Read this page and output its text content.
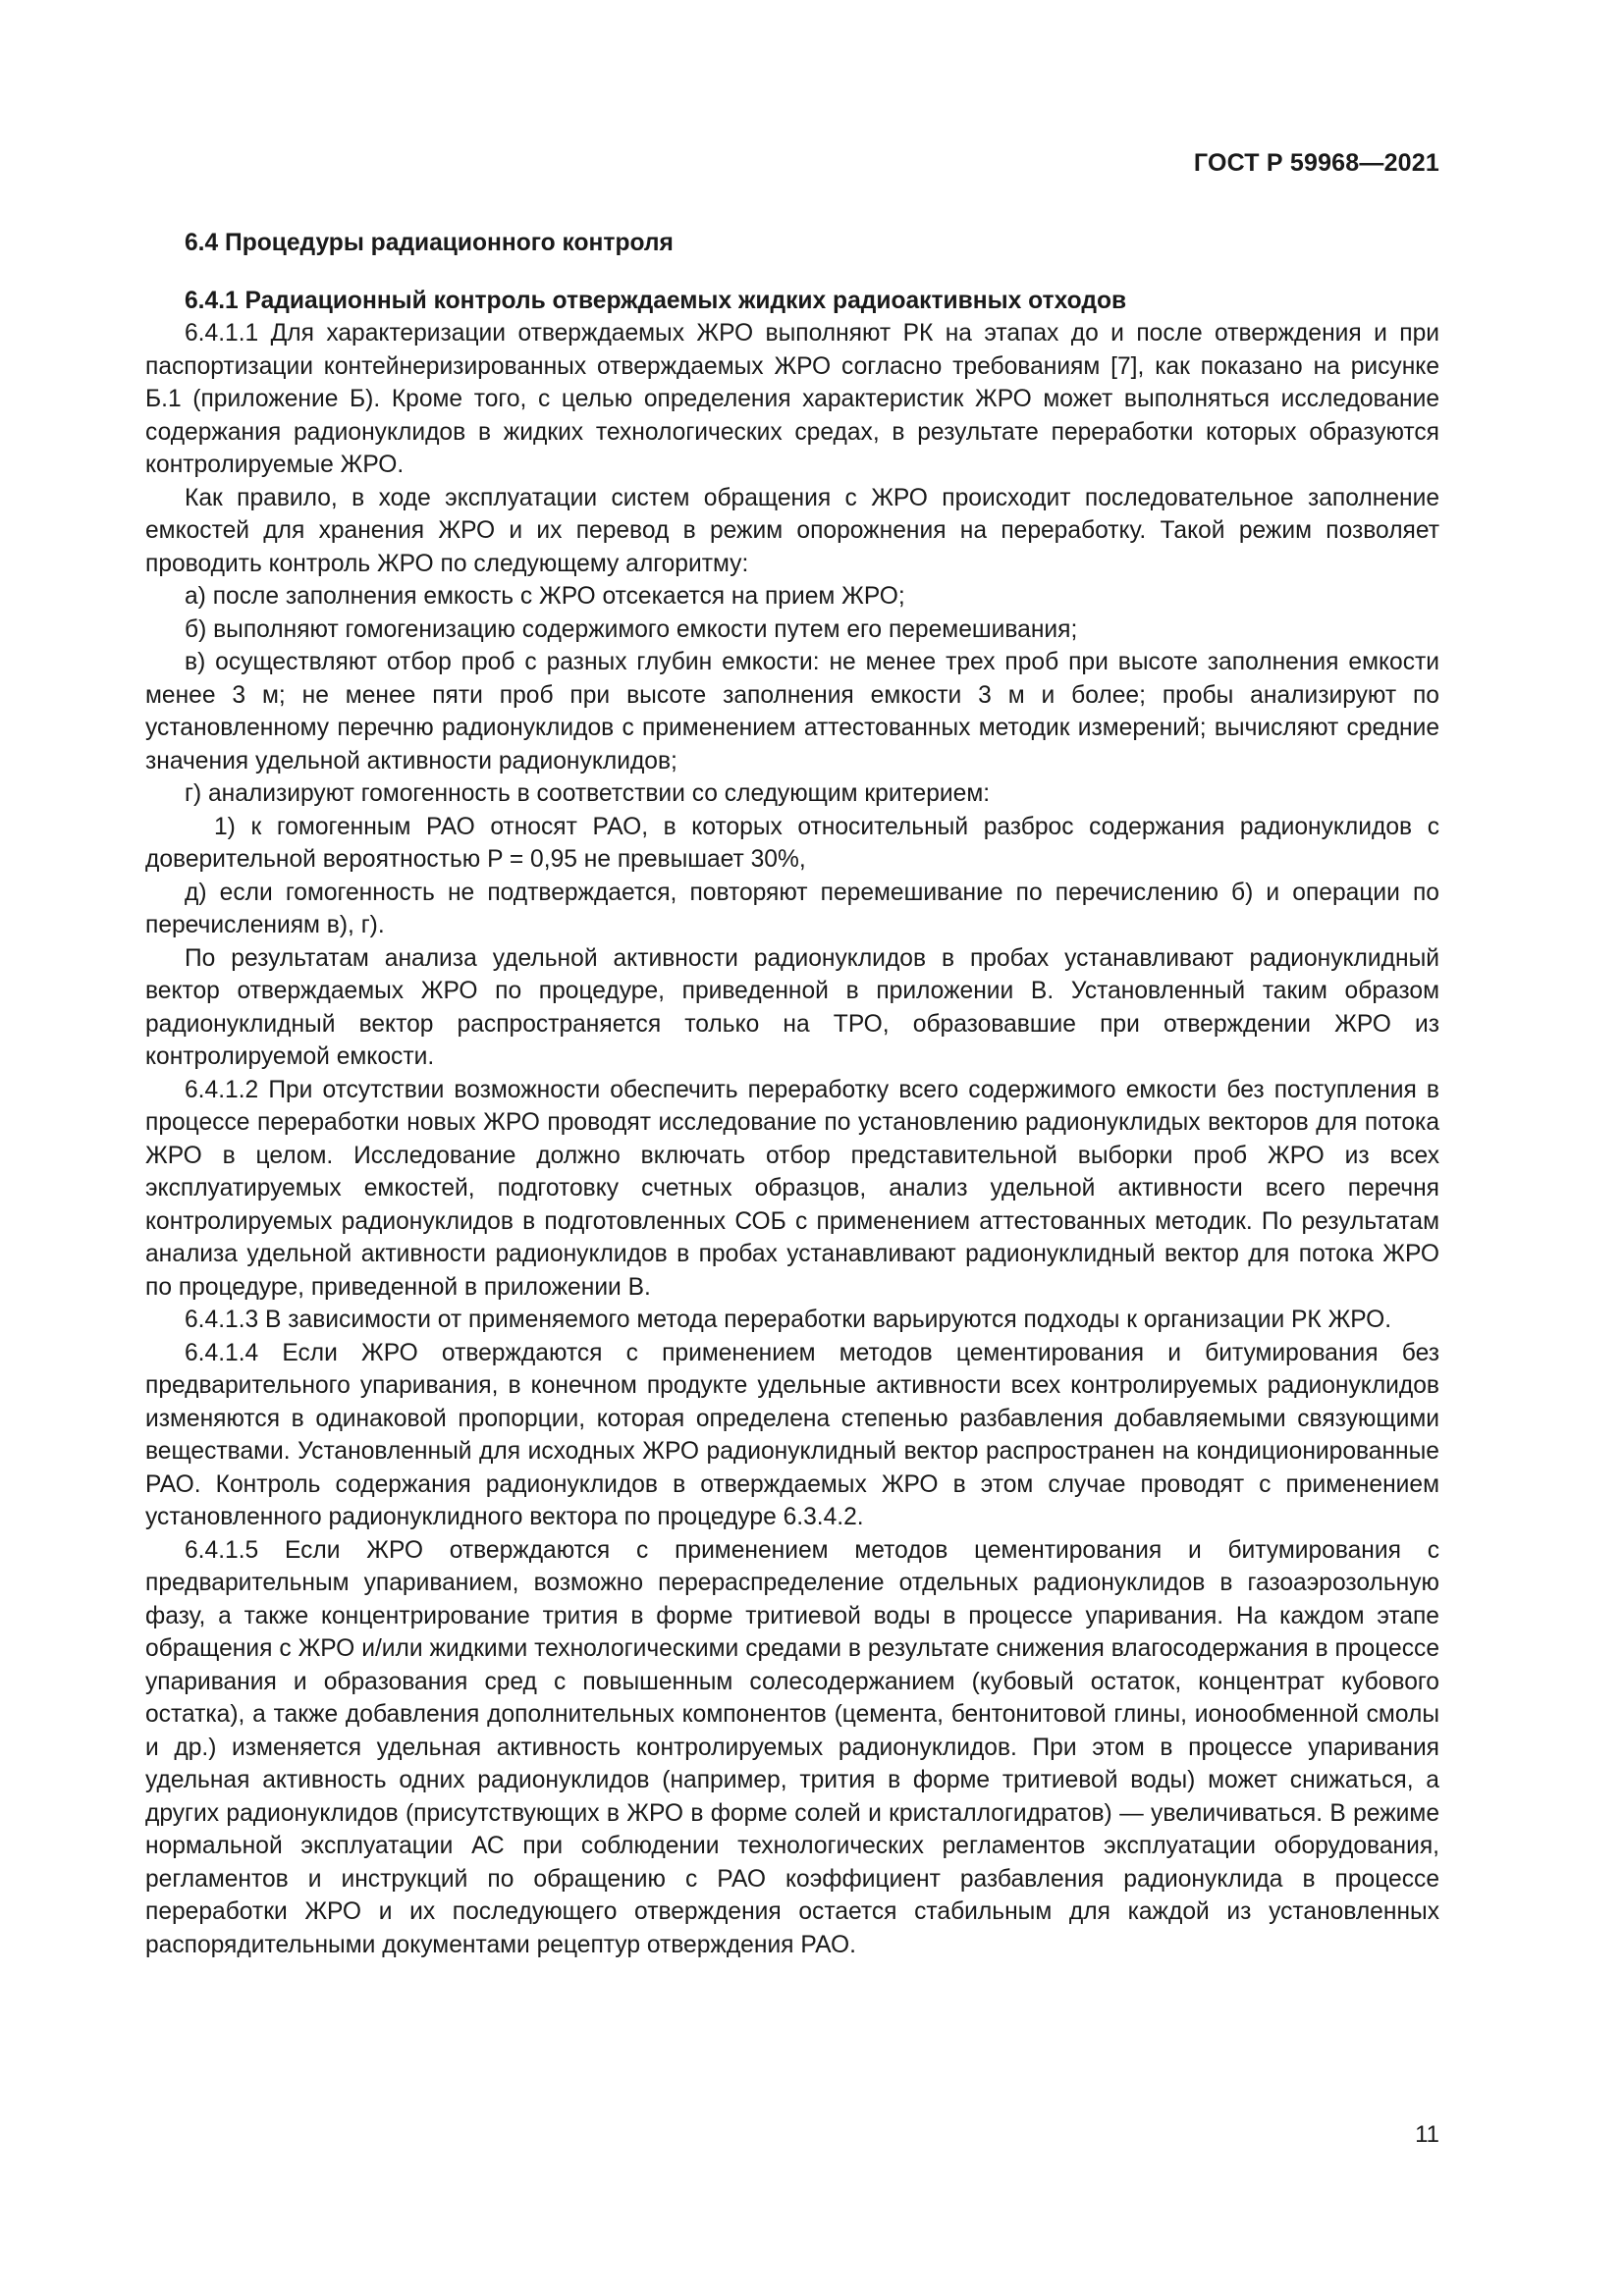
ГОСТ Р 59968—2021
6.4 Процедуры радиационного контроля
6.4.1 Радиационный контроль отверждаемых жидких радиоактивных отходов

6.4.1.1 Для характеризации отверждаемых ЖРО выполняют РК на этапах до и после отверждения и при паспортизации контейнеризированных отверждаемых ЖРО согласно требованиям [7], как показано на рисунке Б.1 (приложение Б). Кроме того, с целью определения характеристик ЖРО может выполняться исследование содержания радионуклидов в жидких технологических средах, в результате переработки которых образуются контролируемые ЖРО.

Как правило, в ходе эксплуатации систем обращения с ЖРО происходит последовательное заполнение емкостей для хранения ЖРО и их перевод в режим опорожнения на переработку. Такой режим позволяет проводить контроль ЖРО по следующему алгоритму:

а) после заполнения емкость с ЖРО отсекается на прием ЖРО;

б) выполняют гомогенизацию содержимого емкости путем его перемешивания;

в) осуществляют отбор проб с разных глубин емкости: не менее трех проб при высоте заполнения емкости менее 3 м; не менее пяти проб при высоте заполнения емкости 3 м и более; пробы анализируют по установленному перечню радионуклидов с применением аттестованных методик измерений; вычисляют средние значения удельной активности радионуклидов;

г) анализируют гомогенность в соответствии со следующим критерием:

1) к гомогенным РАО относят РАО, в которых относительный разброс содержания радионуклидов с доверительной вероятностью P = 0,95 не превышает 30%,

д) если гомогенность не подтверждается, повторяют перемешивание по перечислению б) и операции по перечислениям в), г).

По результатам анализа удельной активности радионуклидов в пробах устанавливают радионуклидный вектор отверждаемых ЖРО по процедуре, приведенной в приложении В. Установленный таким образом радионуклидный вектор распространяется только на ТРО, образовавшие при отверждении ЖРО из контролируемой емкости.

6.4.1.2 При отсутствии возможности обеспечить переработку всего содержимого емкости без поступления в процессе переработки новых ЖРО проводят исследование по установлению радионуклидых векторов для потока ЖРО в целом. Исследование должно включать отбор представительной выборки проб ЖРО из всех эксплуатируемых емкостей, подготовку счетных образцов, анализ удельной активности всего перечня контролируемых радионуклидов в подготовленных СОБ с применением аттестованных методик. По результатам анализа удельной активности радионуклидов в пробах устанавливают радионуклидный вектор для потока ЖРО по процедуре, приведенной в приложении В.

6.4.1.3 В зависимости от применяемого метода переработки варьируются подходы к организации РК ЖРО.

6.4.1.4 Если ЖРО отверждаются с применением методов цементирования и битумирования без предварительного упаривания, в конечном продукте удельные активности всех контролируемых радионуклидов изменяются в одинаковой пропорции, которая определена степенью разбавления добавляемыми связующими веществами. Установленный для исходных ЖРО радионуклидный вектор распространен на кондиционированные РАО. Контроль содержания радионуклидов в отверждаемых ЖРО в этом случае проводят с применением установленного радионуклидного вектора по процедуре 6.3.4.2.

6.4.1.5 Если ЖРО отверждаются с применением методов цементирования и битумирования с предварительным упариванием, возможно перераспределение отдельных радионуклидов в газоаэрозольную фазу, а также концентрирование трития в форме тритиевой воды в процессе упаривания. На каждом этапе обращения с ЖРО и/или жидкими технологическими средами в результате снижения влагосодержания в процессе упаривания и образования сред с повышенным солесодержанием (кубовый остаток, концентрат кубового остатка), а также добавления дополнительных компонентов (цемента, бентонитовой глины, ионообменной смолы и др.) изменяется удельная активность контролируемых радионуклидов. При этом в процессе упаривания удельная активность одних радионуклидов (например, трития в форме тритиевой воды) может снижаться, а других радионуклидов (присутствующих в ЖРО в форме солей и кристаллогидратов) — увеличиваться. В режиме нормальной эксплуатации АС при соблюдении технологических регламентов эксплуатации оборудования, регламентов и инструкций по обращению с РАО коэффициент разбавления радионуклида в процессе переработки ЖРО и их последующего отверждения остается стабильным для каждой из установленных распорядительными документами рецептур отверждения РАО.

11
